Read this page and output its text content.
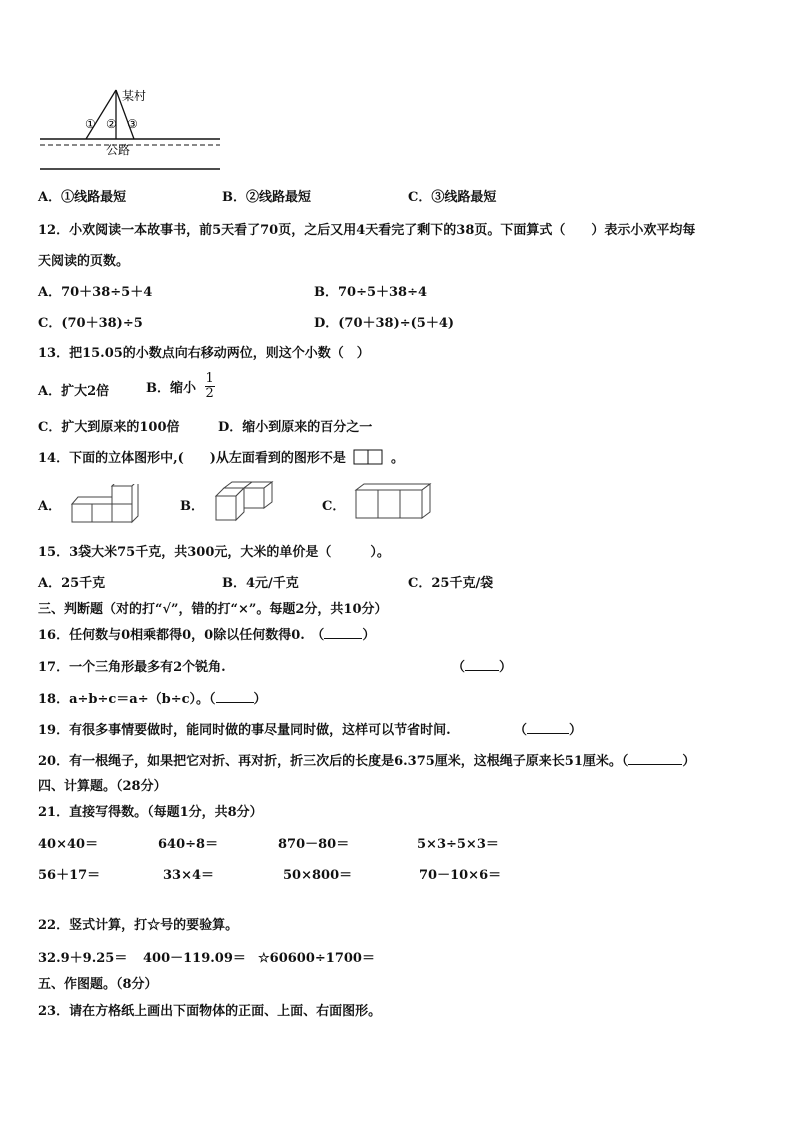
某村
① ② ③
公路
A．①线路最短	B．②线路最短	C．③线路最短
12．小欢阅读一本故事书，前5天看了70页，之后又用4天看完了剩下的38页。下面算式（　　）表示小欢平均每
天阅读的页数。
A．70＋38÷5＋4	B．70÷5＋38÷4
C．(70＋38)÷5	D．(70＋38)÷(5＋4)
13．把15.05的小数点向右移动两位，则这个小数（　）
A．扩大2倍	B．缩小 $\frac{1}{2}$
C．扩大到原来的100倍	D．缩小到原来的百分之一
14．下面的立体图形中,(　　)从左面看到的图形不是	。
A．	B．	C．
15．3袋大米75千克，共300元，大米的单价是（　　　）。
A．25千克	B．4元/千克	C．25千克/袋
三、判断题（对的打“√”，错的打“×”。每题2分，共10分）
16．任何数与0相乘都得0，0除以任何数得0.　（	）
17．一个三角形最多有2个锐角.	（	）
18．a÷b÷c＝a÷（b÷c）。（	）
19．有很多事情要做时，能同时做的事尽量同时做，这样可以节省时间.	（	）
20．有一根绳子，如果把它对折、再对折，折三次后的长度是6.375厘米，这根绳子原来长51厘米。（	）
四、计算题。（28分）
21．直接写得数。（每题1分，共8分）
40×40＝	640÷8＝	870－80＝	5×3÷5×3＝
56＋17＝	33×4＝	50×800＝	70－10×6＝
22．竖式计算，打☆号的要验算。
32.9＋9.25＝ 400－119.09＝ ☆60600÷1700＝
五、作图题。（8分）
23．请在方格纸上画出下面物体的正面、上面、右面图形。
